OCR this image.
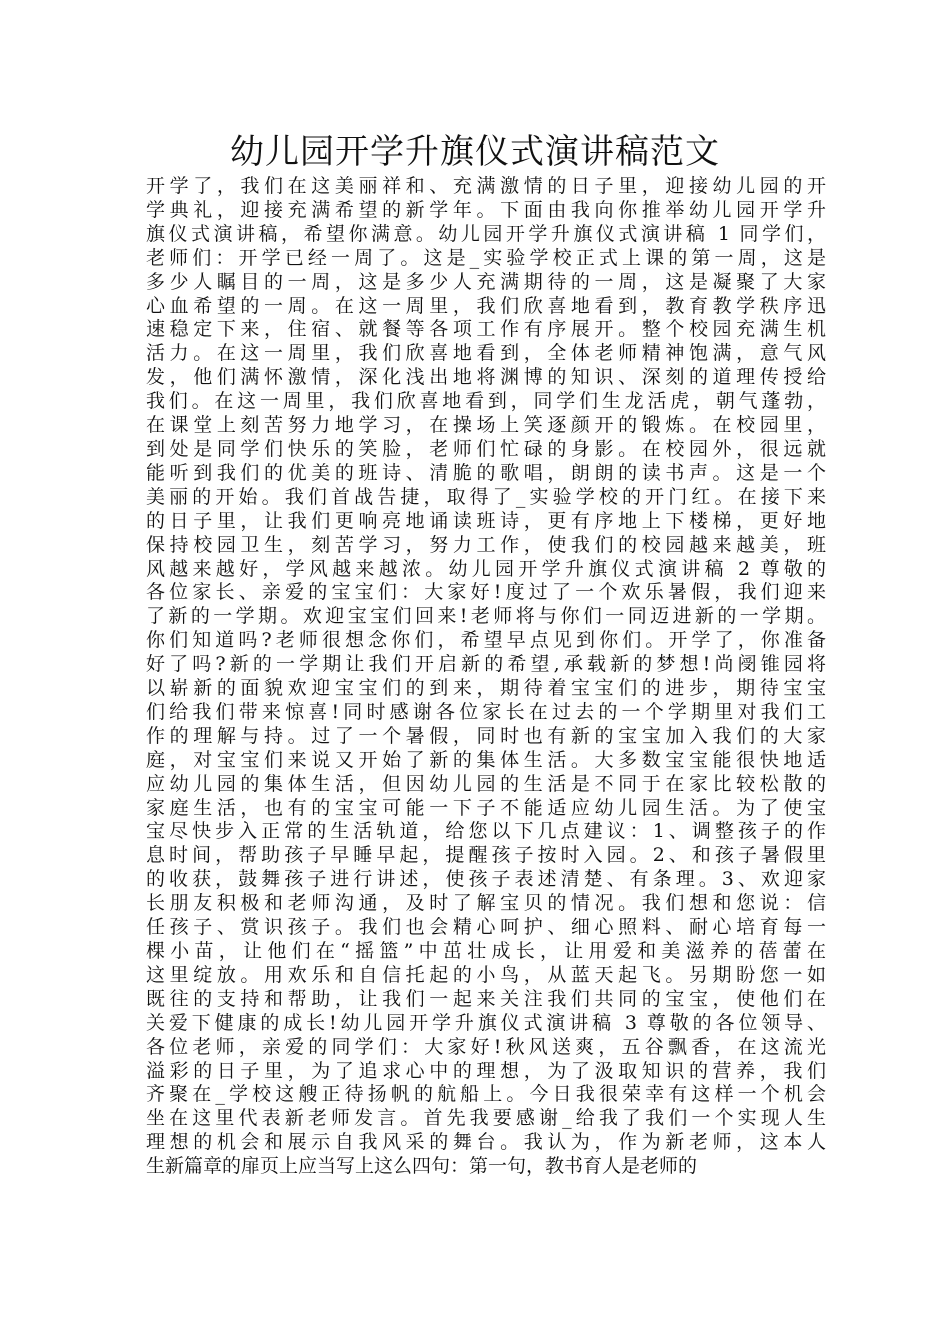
幼儿园开学升旗仪式演讲稿范文
开学了，我们在这美丽祥和、充满激情的日子里，迎接幼儿园的开
学典礼，迎接充满希望的新学年。下面由我向你推举幼儿园开学升
旗仪式演讲稿，希望你满意。幼儿园开学升旗仪式演讲稿 1 同学们，
老师们：开学已经一周了。这是_实验学校正式上课的第一周，这是
多少人瞩目的一周，这是多少人充满期待的一周，这是凝聚了大家
心血希望的一周。在这一周里，我们欣喜地看到，教育教学秩序迅
速稳定下来，住宿、就餐等各项工作有序展开。整个校园充满生机
活力。在这一周里，我们欣喜地看到，全体老师精神饱满，意气风
发，他们满怀激情，深化浅出地将渊博的知识、深刻的道理传授给
我们。在这一周里，我们欣喜地看到，同学们生龙活虎，朝气蓬勃，
在课堂上刻苦努力地学习，在操场上笑逐颜开的锻炼。在校园里，
到处是同学们快乐的笑脸，老师们忙碌的身影。在校园外，很远就
能听到我们的优美的班诗、清脆的歌唱，朗朗的读书声。这是一个
美丽的开始。我们首战告捷，取得了_实验学校的开门红。在接下来
的日子里，让我们更响亮地诵读班诗，更有序地上下楼梯，更好地
保持校园卫生，刻苦学习，努力工作，使我们的校园越来越美，班
风越来越好，学风越来越浓。幼儿园开学升旗仪式演讲稿 2 尊敬的
各位家长、亲爱的宝宝们：大家好!度过了一个欢乐暑假，我们迎来
了新的一学期。欢迎宝宝们回来!老师将与你们一同迈进新的一学期。
你们知道吗?老师很想念你们，希望早点见到你们。开学了，你准备
好了吗?新的一学期让我们开启新的希望,承载新的梦想!尚阌锥园将
以崭新的面貌欢迎宝宝们的到来，期待着宝宝们的进步，期待宝宝
们给我们带来惊喜!同时感谢各位家长在过去的一个学期里对我们工
作的理解与持。过了一个暑假，同时也有新的宝宝加入我们的大家
庭，对宝宝们来说又开始了新的集体生活。大多数宝宝能很快地适
应幼儿园的集体生活，但因幼儿园的生活是不同于在家比较松散的
家庭生活，也有的宝宝可能一下子不能适应幼儿园生活。为了使宝
宝尽快步入正常的生活轨道，给您以下几点建议：1、调整孩子的作
息时间，帮助孩子早睡早起，提醒孩子按时入园。2、和孩子暑假里
的收获，鼓舞孩子进行讲述，使孩子表述清楚、有条理。3、欢迎家
长朋友积极和老师沟通，及时了解宝贝的情况。我们想和您说：信
任孩子、赏识孩子。我们也会精心呵护、细心照料、耐心培育每一
棵小苗，让他们在“摇篮”中茁壮成长，让用爱和美滋养的蓓蕾在
这里绽放。用欢乐和自信托起的小鸟，从蓝天起飞。另期盼您一如
既往的支持和帮助，让我们一起来关注我们共同的宝宝，使他们在
关爱下健康的成长!幼儿园开学升旗仪式演讲稿 3 尊敬的各位领导、
各位老师，亲爱的同学们：大家好!秋风送爽，五谷飘香，在这流光
溢彩的日子里，为了追求心中的理想，为了汲取知识的营养，我们
齐聚在_学校这艘正待扬帆的航船上。今日我很荣幸有这样一个机会
坐在这里代表新老师发言。首先我要感谢_给我了我们一个实现人生
理想的机会和展示自我风采的舞台。我认为，作为新老师，这本人
生新篇章的扉页上应当写上这么四句：第一句，教书育人是老师的
